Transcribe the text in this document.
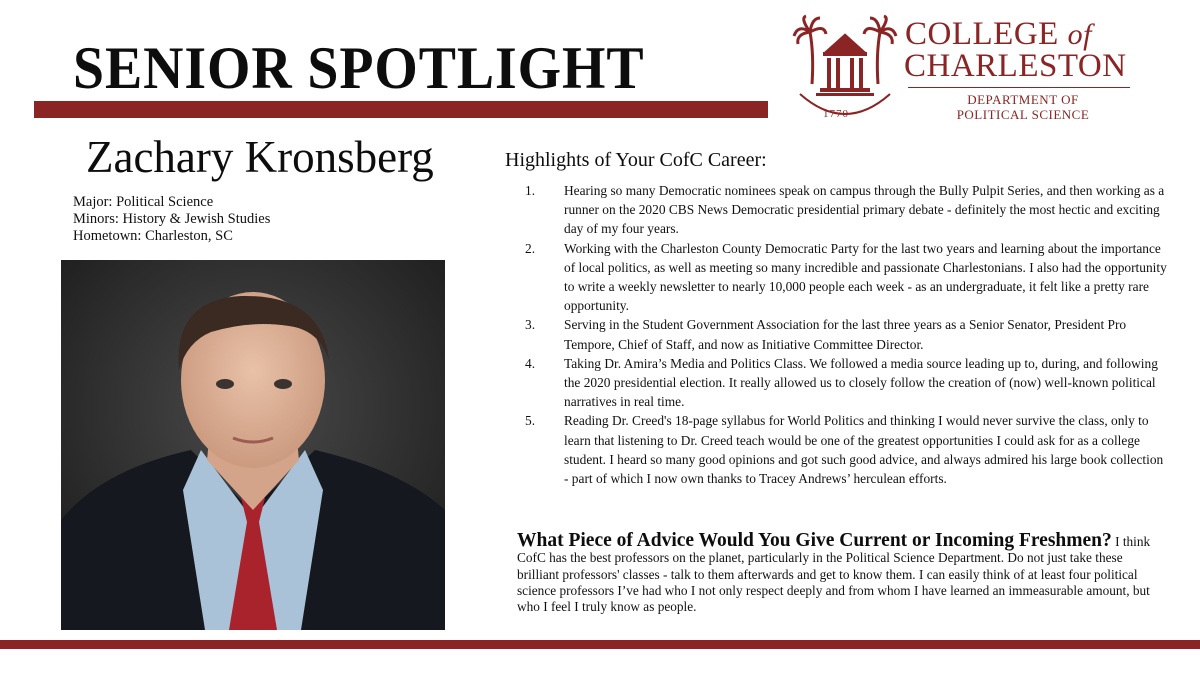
SENIOR SPOTLIGHT
1770
COLLEGE of
CHARLESTON
DEPARTMENT OF
POLITICAL SCIENCE
Zachary Kronsberg
Major: Political Science
Minors: History & Jewish Studies
Hometown: Charleston, SC
Highlights of Your CofC Career:
1. Hearing so many Democratic nominees speak on campus through the Bully Pulpit Series, and then working as a runner on the 2020 CBS News Democratic presidential primary debate - definitely the most hectic and exciting day of my four years.
2. Working with the Charleston County Democratic Party for the last two years and learning about the importance of local politics, as well as meeting so many incredible and passionate Charlestonians. I also had the opportunity to write a weekly newsletter to nearly 10,000 people each week - as an undergraduate, it felt like a pretty rare opportunity.
3. Serving in the Student Government Association for the last three years as a Senior Senator, President Pro Tempore, Chief of Staff, and now as Initiative Committee Director.
4. Taking Dr. Amira’s Media and Politics Class. We followed a media source leading up to, during, and following the 2020 presidential election. It really allowed us to closely follow the creation of (now) well-known political narratives in real time.
5. Reading Dr. Creed's 18-page syllabus for World Politics and thinking I would never survive the class, only to learn that listening to Dr. Creed teach would be one of the greatest opportunities I could ask for as a college student. I heard so many good opinions and got such good advice, and always admired his large book collection - part of which I now own thanks to Tracey Andrews’ herculean efforts.
What Piece of Advice Would You Give Current or Incoming Freshmen? I think CofC has the best professors on the planet, particularly in the Political Science Department. Do not just take these brilliant professors' classes - talk to them afterwards and get to know them. I can easily think of at least four political science professors I’ve had who I not only respect deeply and from whom I have learned an immeasurable amount, but who I feel I truly know as people.
